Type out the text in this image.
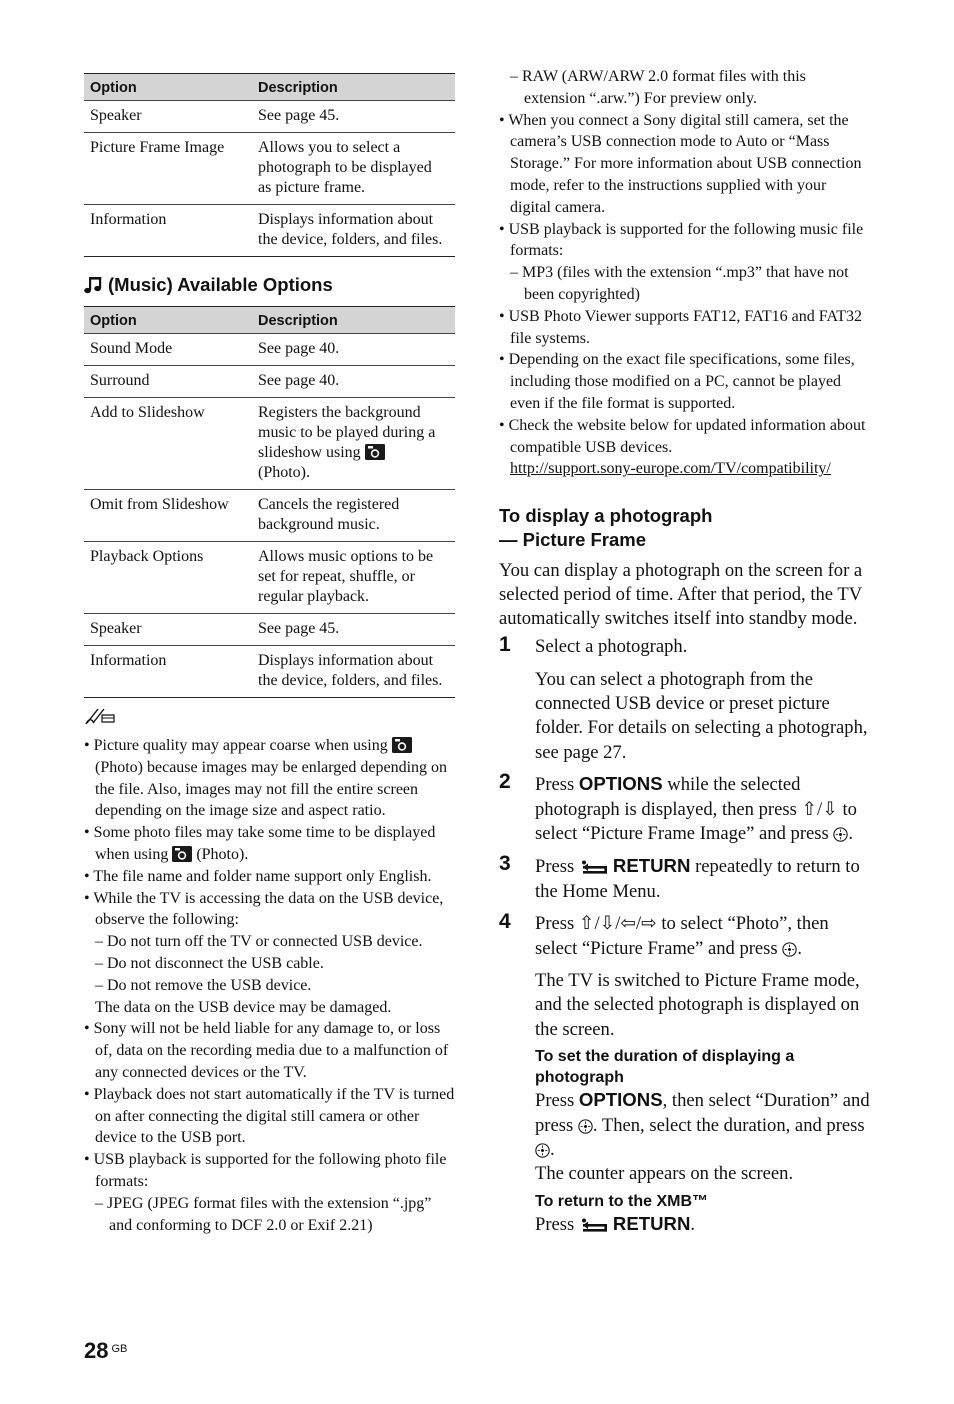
Option	Description
Speaker	See page 45.
Picture Frame Image	Allows you to select a photograph to be displayed as picture frame.
Information	Displays information about the device, folders, and files.
(Music) Available Options
Option	Description
Sound Mode	See page 40.
Surround	See page 40.
Add to Slideshow	Registers the background music to be played during a slideshow using
(Photo).
Omit from Slideshow	Cancels the registered background music.
Playback Options	Allows music options to be set for repeat, shuffle, or regular playback.
Speaker	See page 45.
Information	Displays information about the device, folders, and files.
• Picture quality may appear coarse when using  (Photo) because images may be enlarged depending on the file. Also, images may not fill the entire screen depending on the image size and aspect ratio.
• Some photo files may take some time to be displayed when using (Photo).
• The file name and folder name support only English.
• While the TV is accessing the data on the USB device, observe the following:
– Do not turn off the TV or connected USB device.
– Do not disconnect the USB cable.
– Do not remove the USB device.
The data on the USB device may be damaged.
• Sony will not be held liable for any damage to, or loss of, data on the recording media due to a malfunction of any connected devices or the TV.
• Playback does not start automatically if the TV is turned on after connecting the digital still camera or other device to the USB port.
• USB playback is supported for the following photo file formats:
– JPEG (JPEG format files with the extension “.jpg” and conforming to DCF 2.0 or Exif 2.21)
– RAW (ARW/ARW 2.0 format files with this extension “.arw.”) For preview only.
• When you connect a Sony digital still camera, set the camera’s USB connection mode to Auto or “Mass Storage.” For more information about USB connection mode, refer to the instructions supplied with your digital camera.
• USB playback is supported for the following music file formats:
– MP3 (files with the extension “.mp3” that have not been copyrighted)
• USB Photo Viewer supports FAT12, FAT16 and FAT32 file systems.
• Depending on the exact file specifications, some files, including those modified on a PC, cannot be played even if the file format is supported.
• Check the website below for updated information about compatible USB devices.
http://support.sony-europe.com/TV/compatibility/
To display a photograph
— Picture Frame
You can display a photograph on the screen for a selected period of time. After that period, the TV automatically switches itself into standby mode.
1 Select a photograph.

You can select a photograph from the connected USB device or preset picture folder. For details on selecting a photograph, see page 27.

2 Press OPTIONS while the selected photograph is displayed, then press ⇧/⇩ to select “Picture Frame Image” and press .

3 Press RETURN repeatedly to return to the Home Menu.

4 Press ⇧/⇩/⇦/⇨ to select “Photo”, then select “Picture Frame” and press .

The TV is switched to Picture Frame mode, and the selected photograph is displayed on the screen.

To set the duration of displaying a photograph

Press OPTIONS, then select “Duration” and press . Then, select the duration, and press .

The counter appears on the screen.

To return to the XMB™

Press RETURN.

28 $^{GB}$
